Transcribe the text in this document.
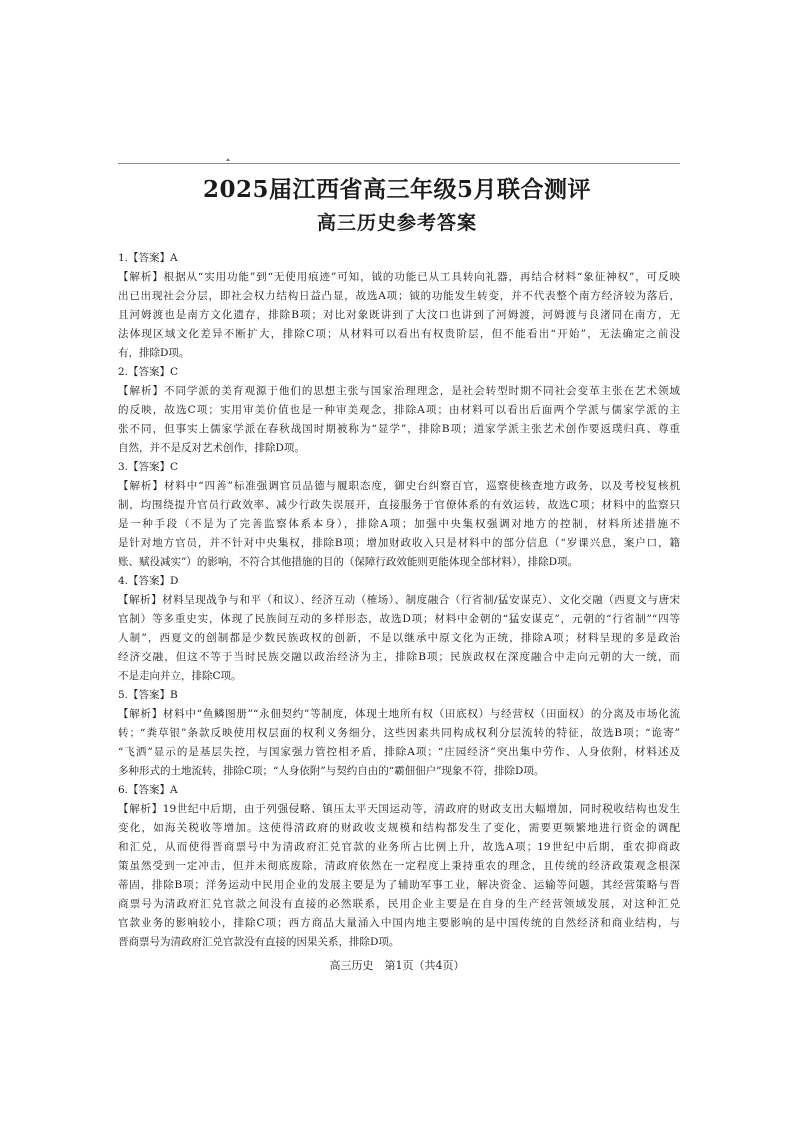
2025届江西省高三年级5月联合测评
高三历史参考答案
1.【答案】A
【解析】根据从“实用功能”到“无使用痕迹”可知，钺的功能已从工具转向礼器，再结合材料“象征神权”，可反映
出已出现社会分层，即社会权力结构日益凸显，故选A项；钺的功能发生转变，并不代表整个南方经济较为落后，
且河姆渡也是南方文化遗存，排除B项；对比对象既讲到了大汶口也讲到了河姆渡，河姆渡与良渚同在南方，无
法体现区域文化差异不断扩大，排除C项；从材料可以看出有权贵阶层，但不能看出“开始”，无法确定之前没
有，排除D项。
2.【答案】C
【解析】不同学派的美育观源于他们的思想主张与国家治理理念，是社会转型时期不同社会变革主张在艺术领域
的反映，故选C项；实用审美价值也是一种审美观念，排除A项；由材料可以看出后面两个学派与儒家学派的主
张不同，但事实上儒家学派在春秋战国时期被称为“显学”，排除B项；道家学派主张艺术创作要返璞归真、尊重
自然，并不是反对艺术创作，排除D项。
3.【答案】C
【解析】材料中“四善”标准强调官员品德与履职态度，御史台纠察百官，巡察使核查地方政务，以及考校复核机
制，均围绕提升官员行政效率、减少行政失误展开，直接服务于官僚体系的有效运转，故选C项；材料中的监察只
是一种手段（不是为了完善监察体系本身），排除A项；加强中央集权强调对地方的控制，材料所述措施不
是针对地方官员，并不针对中央集权，排除B项；增加财政收入只是材料中的部分信息（“岁课兴息，案户口，籍
账、赋役减实”）的影响，不符合其他措施的目的（保障行政效能则更能体现全部材料），排除D项。
4.【答案】D
【解析】材料呈现战争与和平（和议）、经济互动（榷场）、制度融合（行省制/猛安谋克）、文化交融（西夏文与唐宋
官制）等多重史实，体现了民族间互动的多样形态，故选D项；材料中金朝的“猛安谋克”，元朝的“行省制”“四等
人制”，西夏文的创制都是少数民族政权的创新，不是以继承中原文化为正统，排除A项；材料呈现的多是政治
经济交融，但这不等于当时民族交融以政治经济为主，排除B项；民族政权在深度融合中走向元朝的大一统，而
不是走向并立，排除C项。
5.【答案】B
【解析】材料中“鱼鳞图册”“永佃契约”等制度，体现土地所有权（田底权）与经营权（田面权）的分离及市场化流
转；“粪草银”条款反映使用权层面的权利义务细分，这些因素共同构成权利分层流转的特征，故选B项；“诡寄”
“飞洒”显示的是基层失控，与国家强力管控相矛盾，排除A项；“庄园经济”突出集中劳作、人身依附，材料述及
多种形式的土地流转，排除C项；“人身依附”与契约自由的“霸佃佃户”现象不符，排除D项。
6.【答案】A
【解析】19世纪中后期，由于列强侵略、镇压太平天国运动等，清政府的财政支出大幅增加，同时税收结构也发生
变化，如海关税收等增加。这使得清政府的财政收支规模和结构都发生了变化，需要更频繁地进行资金的调配
和汇兑，从而使得晋商票号中为清政府汇兑官款的业务所占比例上升，故选A项；19世纪中后期，重农抑商政
策虽然受到一定冲击，但并未彻底废除，清政府依然在一定程度上秉持重农的理念，且传统的经济政策观念根深
蒂固，排除B项；洋务运动中民用企业的发展主要是为了辅助军事工业，解决资金、运输等问题，其经营策略与晋
商票号为清政府汇兑官款之间没有直接的必然联系，民用企业主要是在自身的生产经营领域发展，对这种汇兑
官款业务的影响较小，排除C项；西方商品大量涌入中国内地主要影响的是中国传统的自然经济和商业结构，与
晋商票号为清政府汇兑官款没有直接的因果关系，排除D项。
高三历史　第1页（共4页）
